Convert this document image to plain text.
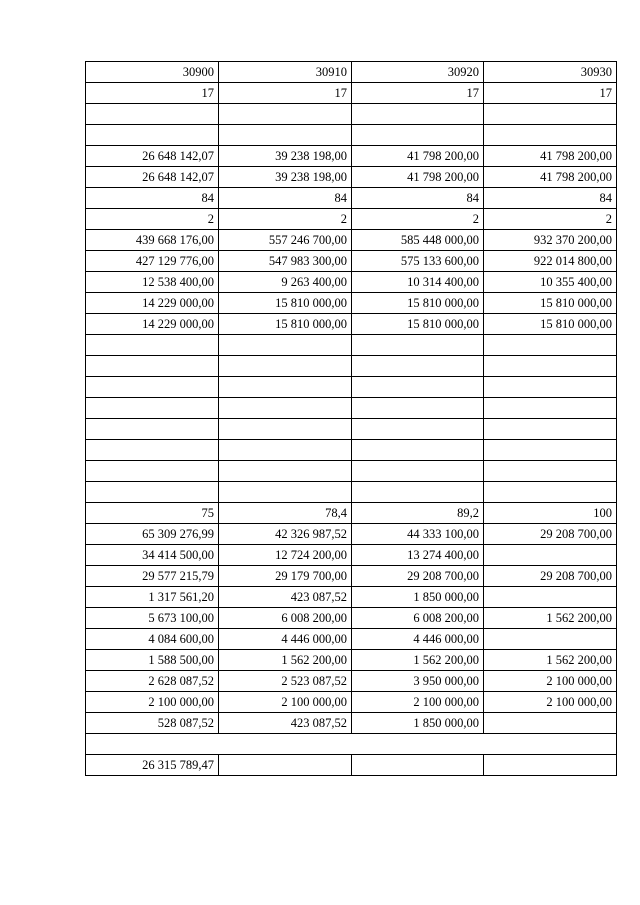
30900	30910	30920	30930
17	17	17	17

26 648 142,07	39 238 198,00	41 798 200,00	41 798 200,00
26 648 142,07	39 238 198,00	41 798 200,00	41 798 200,00
84	84	84	84
2	2	2	2
439 668 176,00	557 246 700,00	585 448 000,00	932 370 200,00
427 129 776,00	547 983 300,00	575 133 600,00	922 014 800,00
12 538 400,00	9 263 400,00	10 314 400,00	10 355 400,00
14 229 000,00	15 810 000,00	15 810 000,00	15 810 000,00
14 229 000,00	15 810 000,00	15 810 000,00	15 810 000,00

75	78,4	89,2	100
65 309 276,99	42 326 987,52	44 333 100,00	29 208 700,00
34 414 500,00	12 724 200,00	13 274 400,00	
29 577 215,79	29 179 700,00	29 208 700,00	29 208 700,00
1 317 561,20	423 087,52	1 850 000,00	
5 673 100,00	6 008 200,00	6 008 200,00	1 562 200,00
4 084 600,00	4 446 000,00	4 446 000,00	
1 588 500,00	1 562 200,00	1 562 200,00	1 562 200,00
2 628 087,52	2 523 087,52	3 950 000,00	2 100 000,00
2 100 000,00	2 100 000,00	2 100 000,00	2 100 000,00
528 087,52	423 087,52	1 850 000,00	

26 315 789,47			
